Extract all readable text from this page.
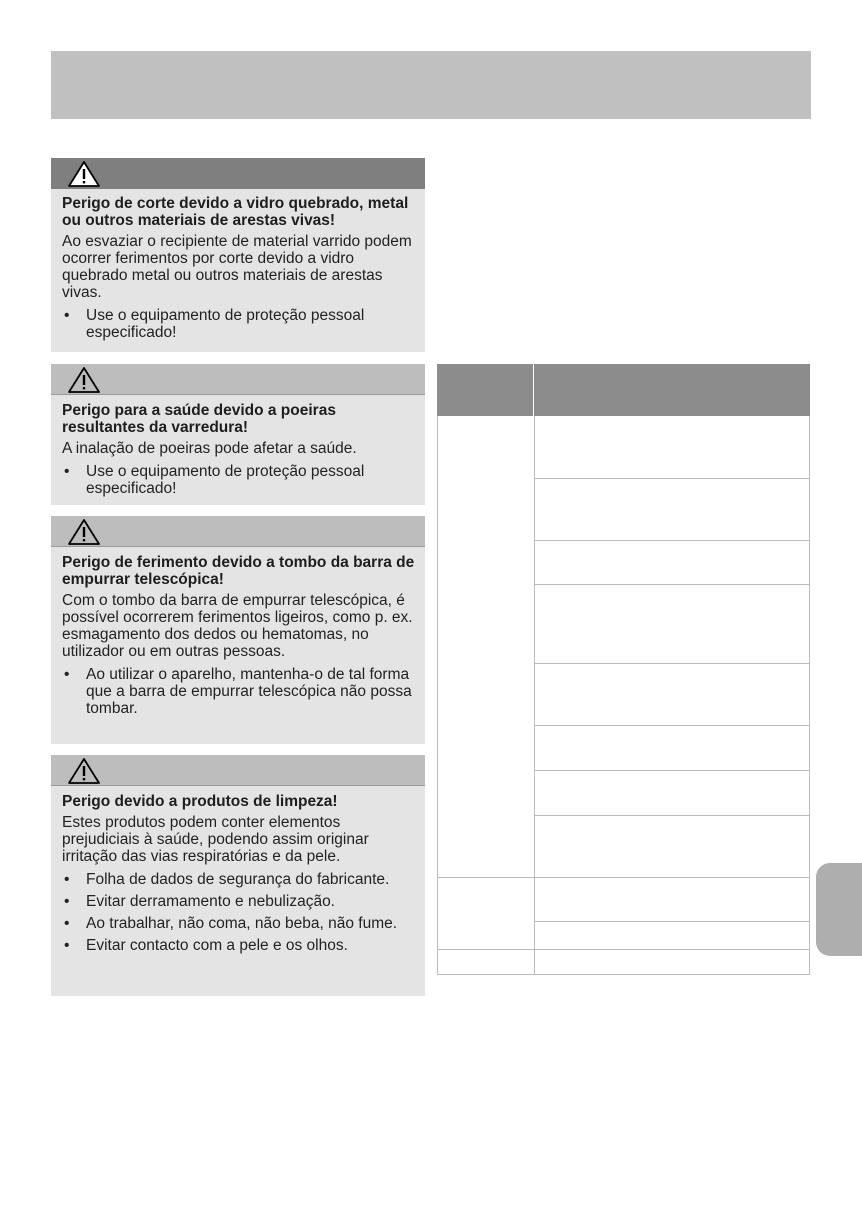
Perigo de corte devido a vidro quebrado, metal ou outros materiais de arestas vivas!

Ao esvaziar o recipiente de material varrido podem ocorrer ferimentos por corte devido a vidro quebrado metal ou outros materiais de arestas vivas.

• Use o equipamento de proteção pessoal especificado!

Perigo para a saúde devido a poeiras resultantes da varredura!

A inalação de poeiras pode afetar a saúde.

• Use o equipamento de proteção pessoal especificado!

Perigo de ferimento devido a tombo da barra de empurrar telescópica!

Com o tombo da barra de empurrar telescópica, é possível ocorrerem ferimentos ligeiros, como p. ex. esmagamento dos dedos ou hematomas, no utilizador ou em outras pessoas.

• Ao utilizar o aparelho, mantenha-o de tal forma que a barra de empurrar telescópica não possa tombar.

Perigo devido a produtos de limpeza!

Estes produtos podem conter elementos prejudiciais à saúde, podendo assim originar irritação das vias respiratórias e da pele.

• Folha de dados de segurança do fabricante.
• Evitar derramamento e nebulização.
• Ao trabalhar, não coma, não beba, não fume.
• Evitar contacto com a pele e os olhos.
